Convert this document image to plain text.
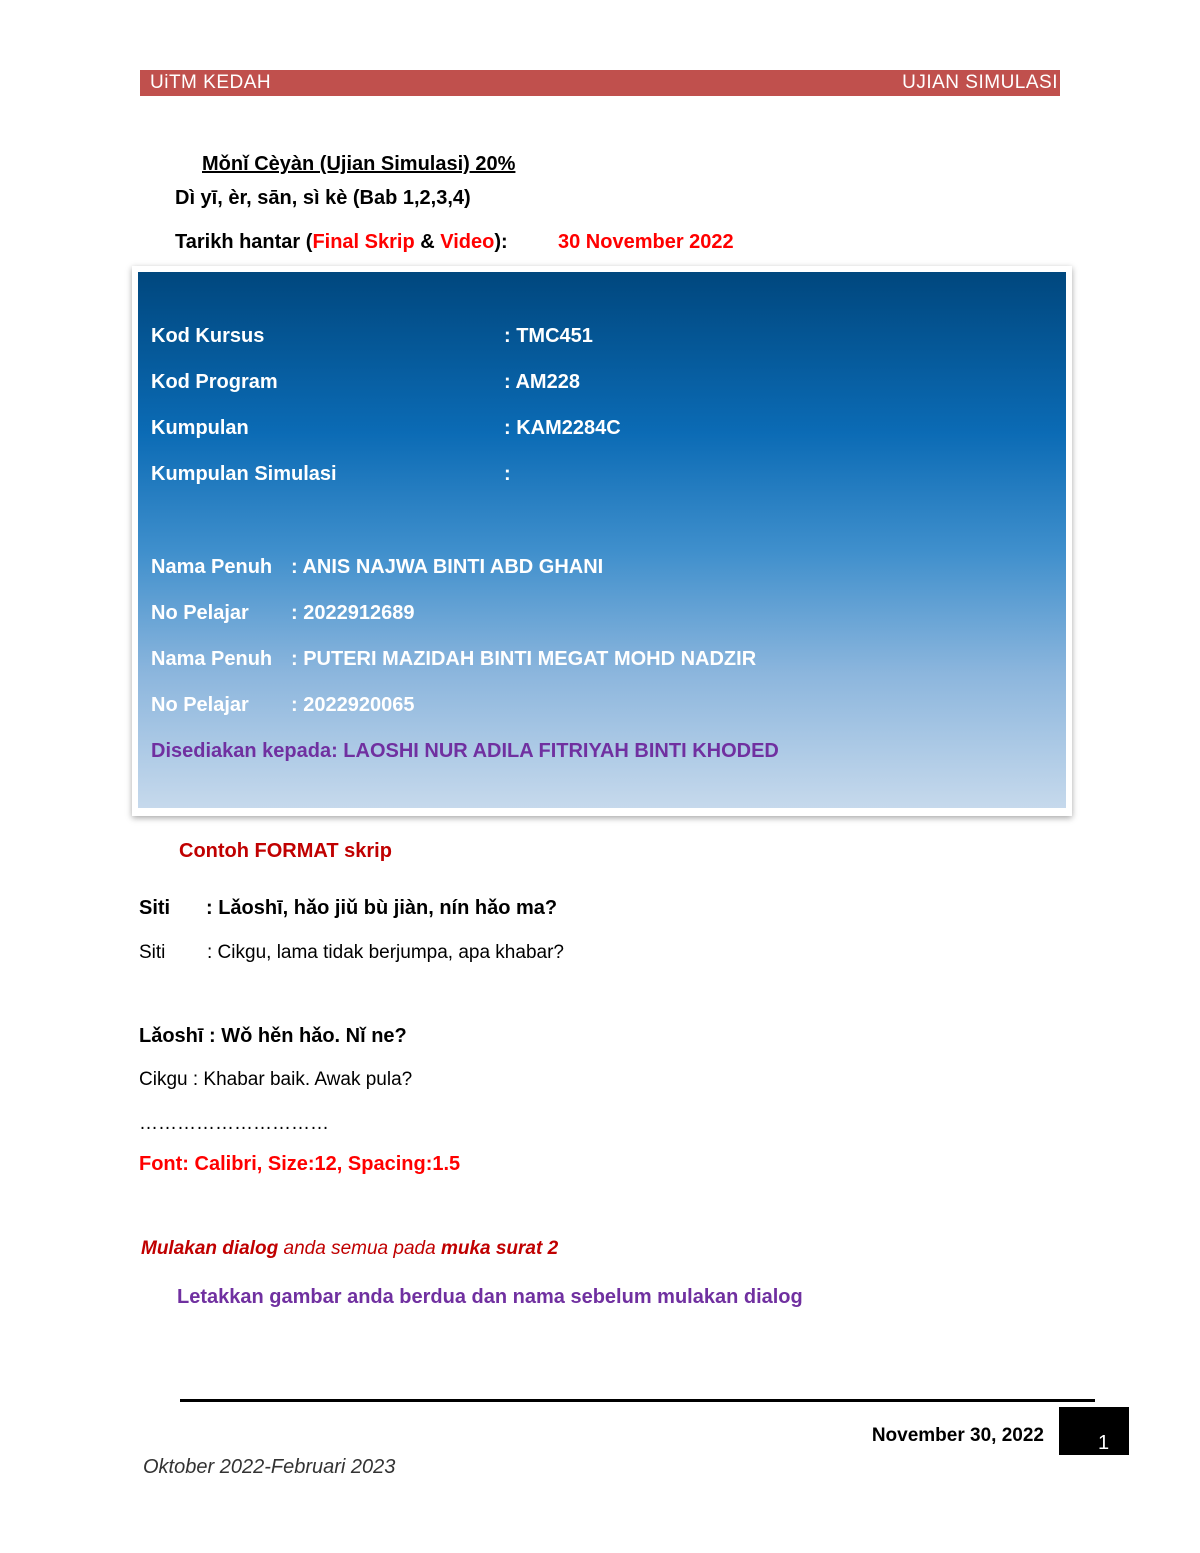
UiTM KEDAH	UJIAN SIMULASI
Mǒnǐ Cèyàn (Ujian Simulasi) 20%
Dì yī, èr, sān, sì kè (Bab 1,2,3,4)
Tarikh hantar (Final Skrip & Video):	30 November 2022
Kod Kursus	: TMC451
Kod Program	: AM228
Kumpulan	: KAM2284C
Kumpulan Simulasi	:
Nama Penuh : ANIS NAJWA BINTI ABD GHANI
No Pelajar : 2022912689
Nama Penuh : PUTERI MAZIDAH BINTI MEGAT MOHD NADZIR
No Pelajar : 2022920065
Disediakan kepada: LAOSHI NUR ADILA FITRIYAH BINTI KHODED
Contoh FORMAT skrip
Siti : Lǎoshī, hǎo jiǔ bù jiàn, nín hǎo ma?
Siti : Cikgu, lama tidak berjumpa, apa khabar?
Lǎoshī : Wǒ hěn hǎo. Nǐ ne?
Cikgu : Khabar baik. Awak pula?
…………………………
Font: Calibri, Size:12, Spacing:1.5
Mulakan dialog anda semua pada muka surat 2
Letakkan gambar anda berdua dan nama sebelum mulakan dialog
November 30, 2022	1
Oktober 2022-Februari 2023
